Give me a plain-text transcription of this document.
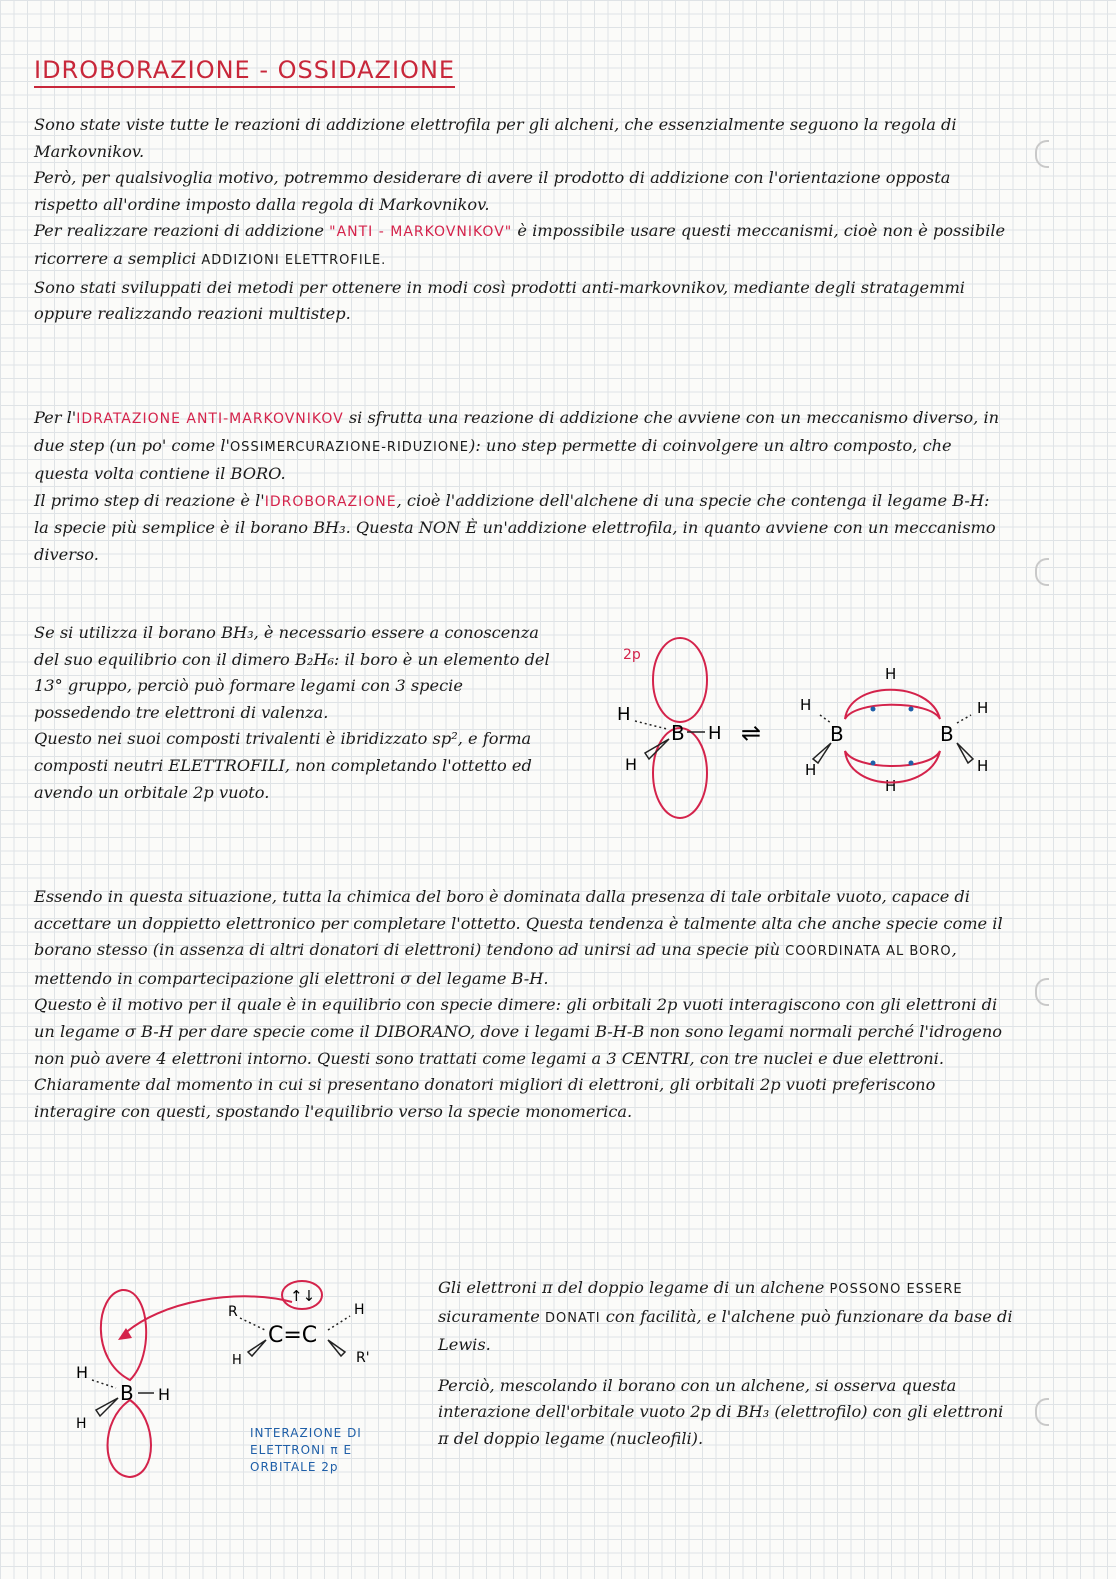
IDROBORAZIONE - OSSIDAZIONE

Sono state viste tutte le reazioni di addizione elettrofila per gli alcheni, che essenzialmente seguono la regola di Markovnikov.

Però, per qualsivoglia motivo, potremmo desiderare di avere il prodotto di addizione con l'orientazione opposta rispetto all'ordine imposto dalla regola di Markovnikov.

Per realizzare reazioni di addizione "ANTI - MARKOVNIKOV" è impossibile usare questi meccanismi, cioè non è possibile ricorrere a semplici ADDIZIONI ELETTROFILE.

Sono stati sviluppati dei metodi per ottenere in modi così prodotti anti-markovnikov, mediante degli stratagemmi oppure realizzando reazioni multistep.

Per l'IDRATAZIONE ANTI-MARKOVNIKOV si sfrutta una reazione di addizione che avviene con un meccanismo diverso, in due step (un po' come l'OSSIMERCURAZIONE-RIDUZIONE): uno step permette di coinvolgere un altro composto, che questa volta contiene il BORO.

Il primo step di reazione è l'IDROBORAZIONE, cioè l'addizione dell'alchene di una specie che contenga il legame B-H: la specie più semplice è il borano BH₃. Questa NON È un'addizione elettrofila, in quanto avviene con un meccanismo diverso.

Se si utilizza il borano BH₃, è necessario essere a conoscenza del suo equilibrio con il dimero B₂H₆: il boro è un elemento del 13° gruppo, perciò può formare legami con 3 specie possedendo tre elettroni di valenza.

Questo nei suoi composti trivalenti è ibridizzato sp², e forma composti neutri ELETTROFILI, non completando l'ottetto ed avendo un orbitale 2p vuoto.

2p
H
B H
H
⇌
H
B	B
H
H
H
H	H

Essendo in questa situazione, tutta la chimica del boro è dominata dalla presenza di tale orbitale vuoto, capace di accettare un doppietto elettronico per completare l'ottetto. Questa tendenza è talmente alta che anche specie come il borano stesso (in assenza di altri donatori di elettroni) tendono ad unirsi ad una specie più COORDINATA AL BORO, mettendo in compartecipazione gli elettroni σ del legame B-H.

Questo è il motivo per il quale è in equilibrio con specie dimere: gli orbitali 2p vuoti interagiscono con gli elettroni di un legame σ B-H per dare specie come il DIBORANO, dove i legami B-H-B non sono legami normali perché l'idrogeno non può avere 4 elettroni intorno. Questi sono trattati come legami a 3 CENTRI, con tre nuclei e due elettroni.

Chiaramente dal momento in cui si presentano donatori migliori di elettroni, gli orbitali 2p vuoti preferiscono interagire con questi, spostando l'equilibrio verso la specie monomerica.

↑↓
R
C=C
H
H	R'
H
B H
H
INTERAZIONE DI ELETTRONI π E ORBITALE 2p

Gli elettroni π del doppio legame di un alchene POSSONO ESSERE sicuramente DONATI con facilità, e l'alchene può funzionare da base di Lewis.

Perciò, mescolando il borano con un alchene, si osserva questa interazione dell'orbitale vuoto 2p di BH₃ (elettrofilo) con gli elettroni π del doppio legame (nucleofili).
